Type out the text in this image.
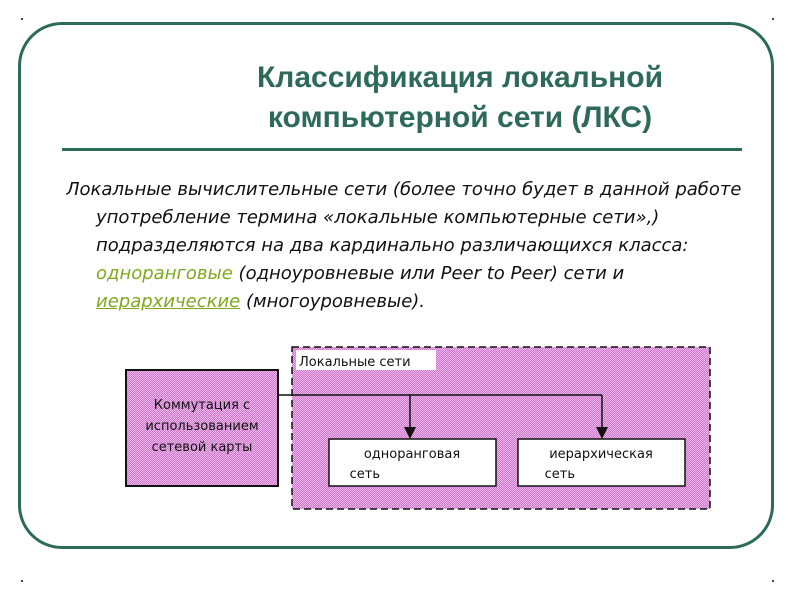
Классификация локальной
компьютерной сети (ЛКС)

Локальные вычислительные сети (более точно будет в данной работе употребление термина «локальные компьютерные сети»,) подразделяются на два кардинально различающихся класса: одноранговые (одноуровневые или Peer to Peer) сети и иерархические (многоуровневые).

Локальные сети
Коммутация с
использованием
сетевой карты	одноранговая
сеть
иерархическая
сеть
